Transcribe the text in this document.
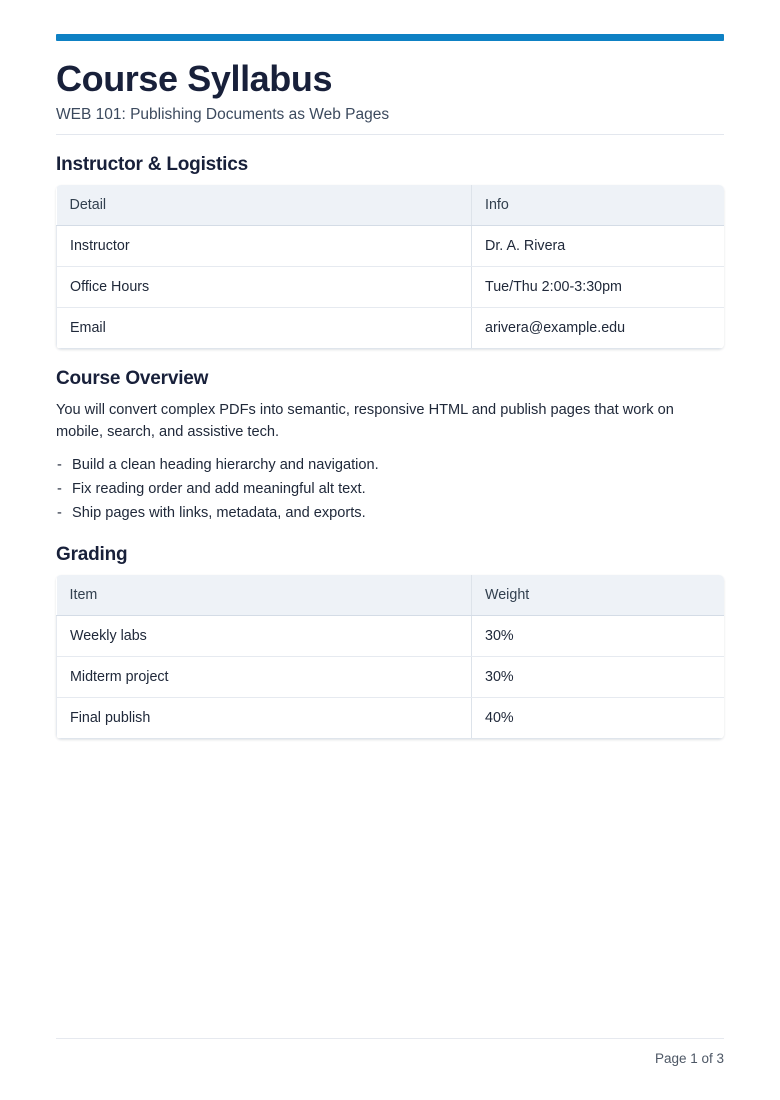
Course Syllabus

WEB 101: Publishing Documents as Web Pages

Instructor & Logistics
Detail	Info
Instructor	Dr. A. Rivera
Office Hours	Tue/Thu 2:00-3:30pm
Email	arivera@example.edu
Course Overview

You will convert complex PDFs into semantic, responsive HTML and publish pages that work on mobile, search, and assistive tech.

- Build a clean heading hierarchy and navigation.
- Fix reading order and add meaningful alt text.
- Ship pages with links, metadata, and exports.
Grading
Item	Weight
Weekly labs	30%
Midterm project	30%
Final publish	40%
Page 1 of 3
